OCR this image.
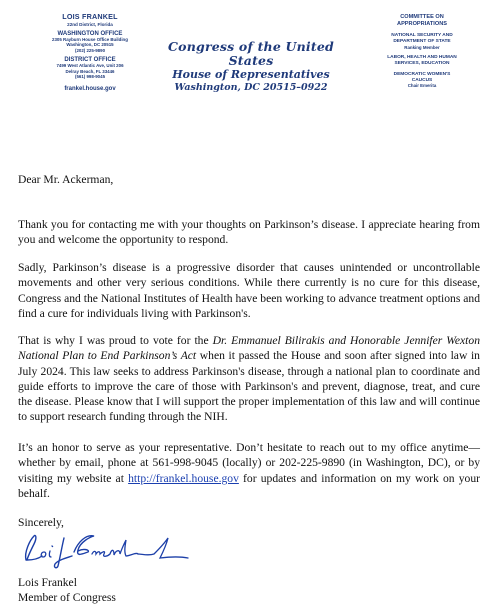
LOIS FRANKEL
22nd District, Florida
WASHINGTON OFFICE
2305 Rayburn House Office Building
Washington, DC 20515
(202) 225-9890
DISTRICT OFFICE
7499 West Atlantic Ave, Unit 206
Delray Beach, FL 33446
(561) 998-9045
frankel.house.gov
Congress of the United States
House of Representatives
Washington, DC 20515–0922
COMMITTEE ON
APPROPRIATIONS
NATIONAL SECURITY AND
DEPARTMENT OF STATE
Ranking Member
LABOR, HEALTH AND HUMAN
SERVICES, EDUCATION
DEMOCRATIC WOMEN'S
CAUCUS
Chair Emerita

Dear Mr. Ackerman,

Thank you for contacting me with your thoughts on Parkinson’s disease. I appreciate hearing from you and welcome the opportunity to respond.

Sadly, Parkinson’s disease is a progressive disorder that causes unintended or uncontrollable movements and other very serious conditions. While there currently is no cure for this disease, Congress and the National Institutes of Health have been working to advance treatment options and find a cure for individuals living with Parkinson's.

That is why I was proud to vote for the Dr. Emmanuel Bilirakis and Honorable Jennifer Wexton National Plan to End Parkinson’s Act when it passed the House and soon after signed into law in July 2024. This law seeks to address Parkinson's disease, through a national plan to coordinate and guide efforts to improve the care of those with Parkinson's and prevent, diagnose, treat, and cure the disease. Please know that I will support the proper implementation of this law and will continue to support research funding through the NIH.

It’s an honor to serve as your representative. Don’t hesitate to reach out to my office anytime—whether by email, phone at 561-998-9045 (locally) or 202-225-9890 (in Washington, DC), or by visiting my website at http://frankel.house.gov for updates and information on my work on your behalf.

Sincerely,

Lois Frankel

Member of Congress
